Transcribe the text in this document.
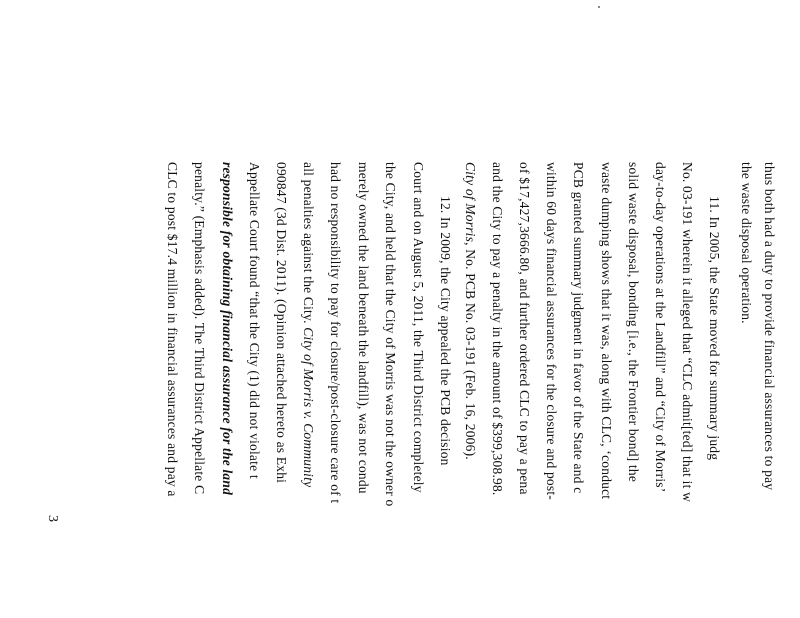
thus both had a duty to provide financial assurances to pay
the waste disposal operation.
11. In 2005, the State moved for summary judg
No. 03-191 wherein it alleged that “CLC admit[ted] that it w
day-to-day operations at the Landfill” and “City of Morris’
solid waste disposal, bonding [i.e., the Frontier bond] the
waste dumping shows that it was, along with CLC, ‘conduct
PCB granted summary judgment in favor of the State and c
within 60 days financial assurances for the closure and post-
of $17,427,3666.80, and further ordered CLC to pay a pena
and the City to pay a penalty in the amount of $399,308.98.
City of Morris, No. PCB No. 03-191 (Feb. 16, 2006).
12. In 2009, the City appealed the PCB decision
Court and on August 5, 2011, the Third District completely
the City, and held that the City of Morris was not the owner o
merely owned the land beneath the landfill), was not condu
had no responsibility to pay for closure/post-closure care of t
all penalties against the City. City of Morris v. Community
090847 (3d Dist. 2011). (Opinion attached hereto as Exhi
Appellate Court found “that the City (1) did not violate t
responsible for obtaining financial assurance for the land
penalty.” (Emphasis added). The Third District Appellate C
CLC to post $17.4 million in financial assurances and pay a
3
